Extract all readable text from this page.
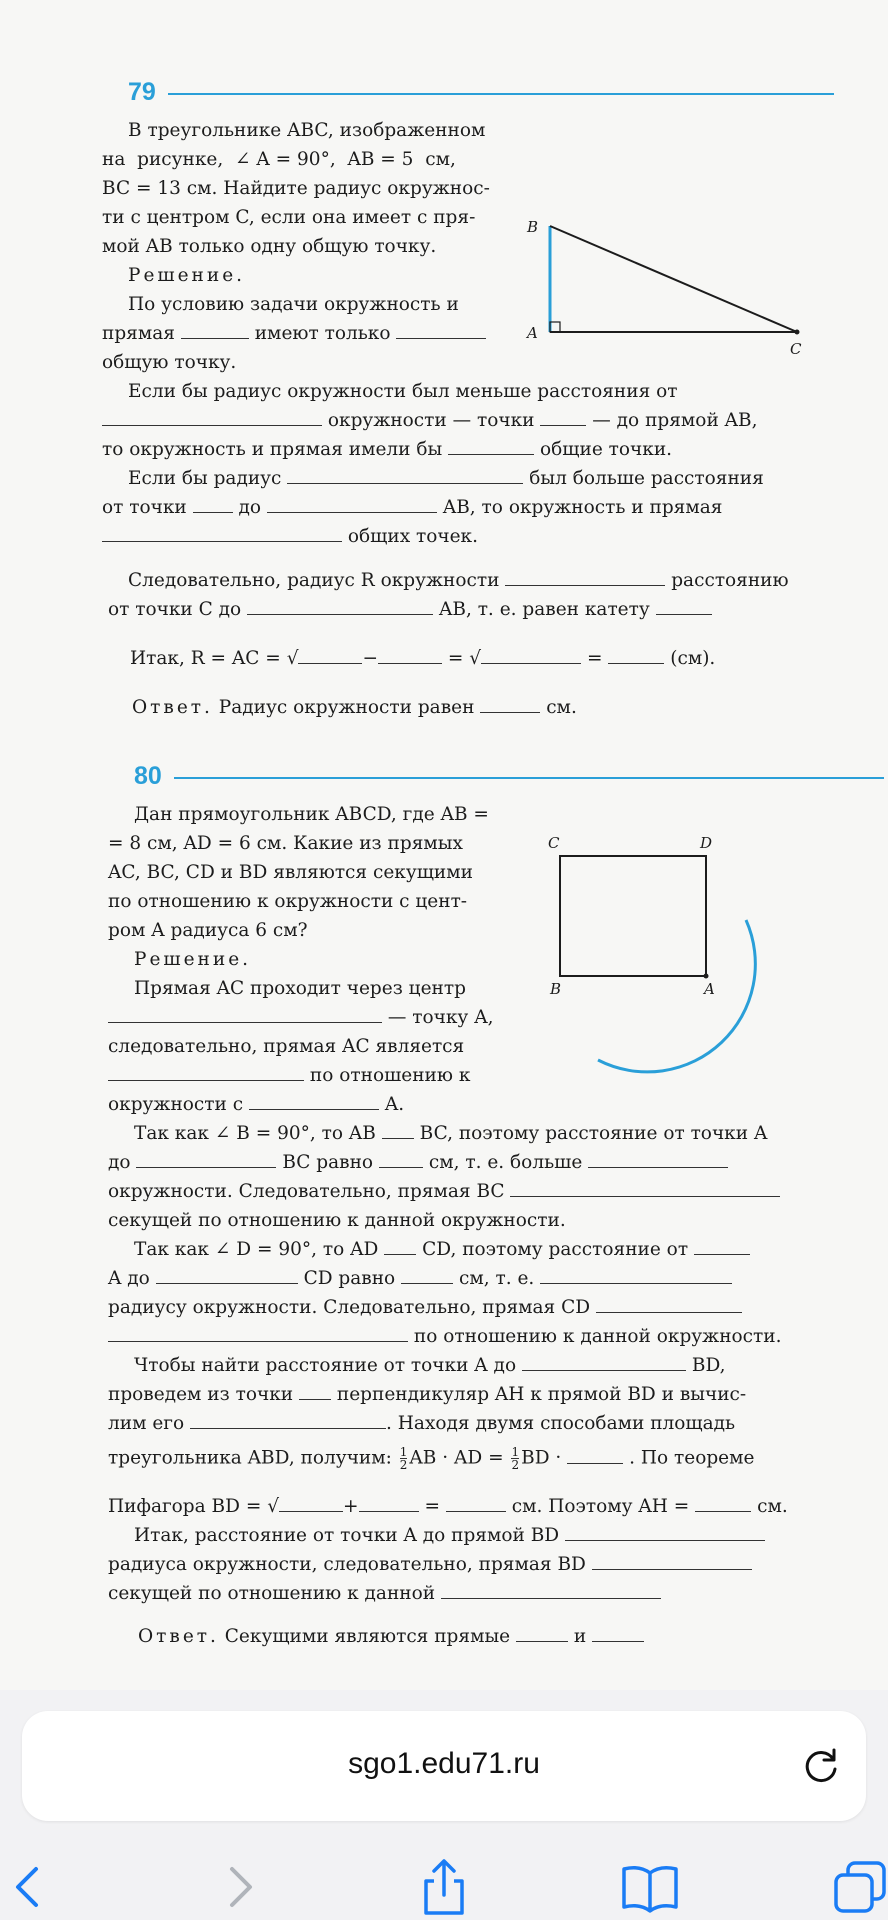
79
В треугольнике ABC, изображенном
на  рисунке,  ∠ A = 90°,  AB = 5  см,
BC = 13 см. Найдите радиус окружнос-
ти с центром C, если она имеет с пря-
мой AB только одну общую точку.
B
A
C
Решение.
По условию задачи окружность и
прямая	имеют только
общую точку.
Если бы радиус окружности был меньше расстояния от
окружности — точки	— до прямой AB,
то окружность и прямая имели бы	общие точки.
Если бы радиус	был больше расстояния
от точки	до	AB, то окружность и прямая
общих точек.
Следовательно, радиус R окружности	расстоянию
от точки C до	AB, т. е. равен катету
Итак, R = AC = √	−	= √	=	(см).
Ответ. Радиус окружности равен	см.
80
Дан прямоугольник ABCD, где AB =
= 8 см, AD = 6 см. Какие из прямых
AC, BC, CD и BD являются секущими
по отношению к окружности с цент-
ром A радиуса 6 см?
C	D
B	A
Решение.
Прямая AC проходит через центр
— точку A,
следовательно, прямая AC является
по отношению к
окружности с	A.
Так как ∠ B = 90°, то AB BC, поэтому расстояние от точки A
до	BC равно	см, т. е. больше
окружности. Следовательно, прямая BC
секущей по отношению к данной окружности.
Так как ∠ D = 90°, то AD CD, поэтому расстояние от
A до	CD равно	см, т. е.
радиусу окружности. Следовательно, прямая CD
по отношению к данной окружности.
Чтобы найти расстояние от точки A до	BD,
проведем из точки перпендикуляр AH к прямой BD и вычис-
лим его	. Находя двумя способами площадь
треугольника ABD, получим: $\frac{1}{2}$ AB · AD = $\frac{1}{2}$ BD ·	. По теореме
Пифагора BD = √	+	=	см. Поэтому AH =	см.
Итак, расстояние от точки A до прямой BD
радиуса окружности, следовательно, прямая BD
секущей по отношению к данной
Ответ. Секущими являются прямые	и
sgo1.edu71.ru
